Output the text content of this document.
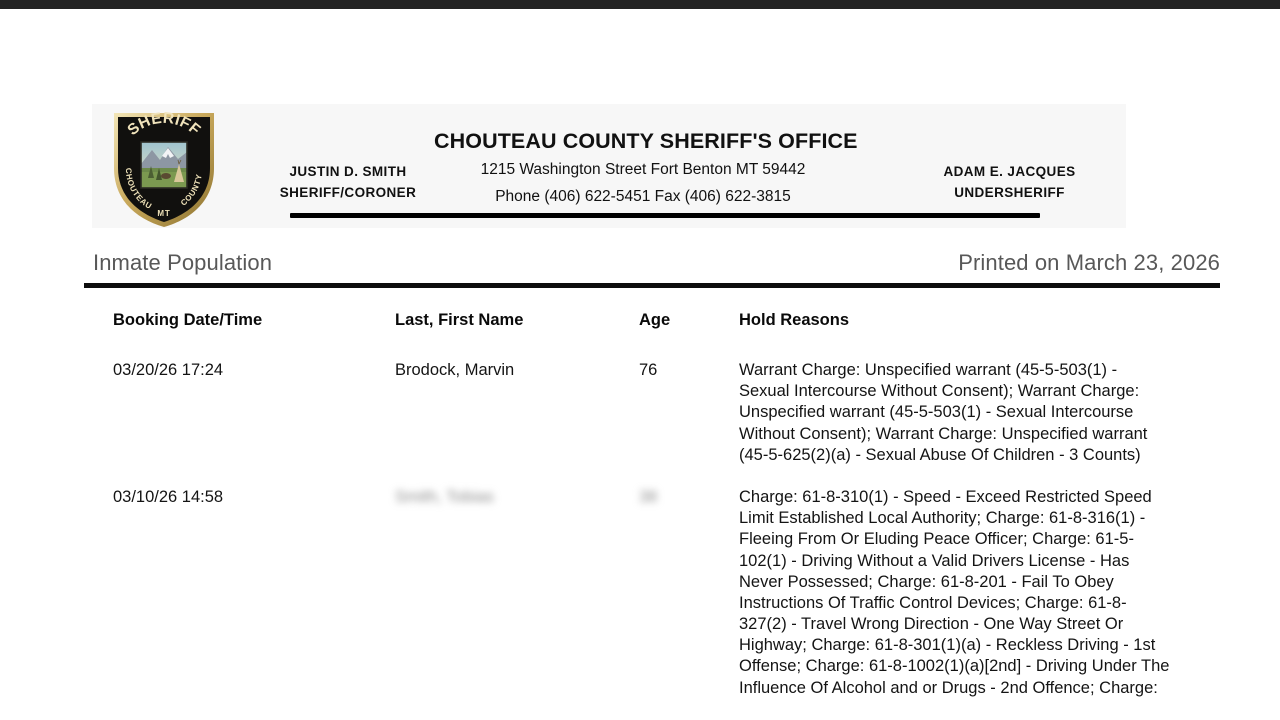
SHERIFF
CHOUTEAU	COUNTY
MT
JUSTIN D. SMITH
SHERIFF/CORONER
CHOUTEAU COUNTY SHERIFF'S OFFICE
1215 Washington Street Fort Benton MT 59442
Phone (406) 622-5451 Fax (406) 622-3815
ADAM E. JACQUES
UNDERSHERIFF
Inmate Population	Printed on March 23, 2026
Booking Date/Time	Last, First Name	Age	Hold Reasons
03/20/26 17:24	Brodock, Marvin	76	Warrant Charge: Unspecified warrant (45-5-503(1) - Sexual Intercourse Without Consent); Warrant Charge: Unspecified warrant (45-5-503(1) - Sexual Intercourse Without Consent); Warrant Charge: Unspecified warrant (45-5-625(2)(a) - Sexual Abuse Of Children - 3 Counts)
03/10/26 14:58	Smith, Tobias	38	Charge: 61-8-310(1) - Speed - Exceed Restricted Speed Limit Established Local Authority; Charge: 61-8-316(1) - Fleeing From Or Eluding Peace Officer; Charge: 61-5-102(1) - Driving Without a Valid Drivers License - Has Never Possessed; Charge: 61-8-201 - Fail To Obey Instructions Of Traffic Control Devices; Charge: 61-8-327(2) - Travel Wrong Direction - One Way Street Or Highway; Charge: 61-8-301(1)(a) - Reckless Driving - 1st Offense; Charge: 61-8-1002(1)(a)[2nd] - Driving Under The Influence Of Alcohol and or Drugs - 2nd Offence; Charge:
